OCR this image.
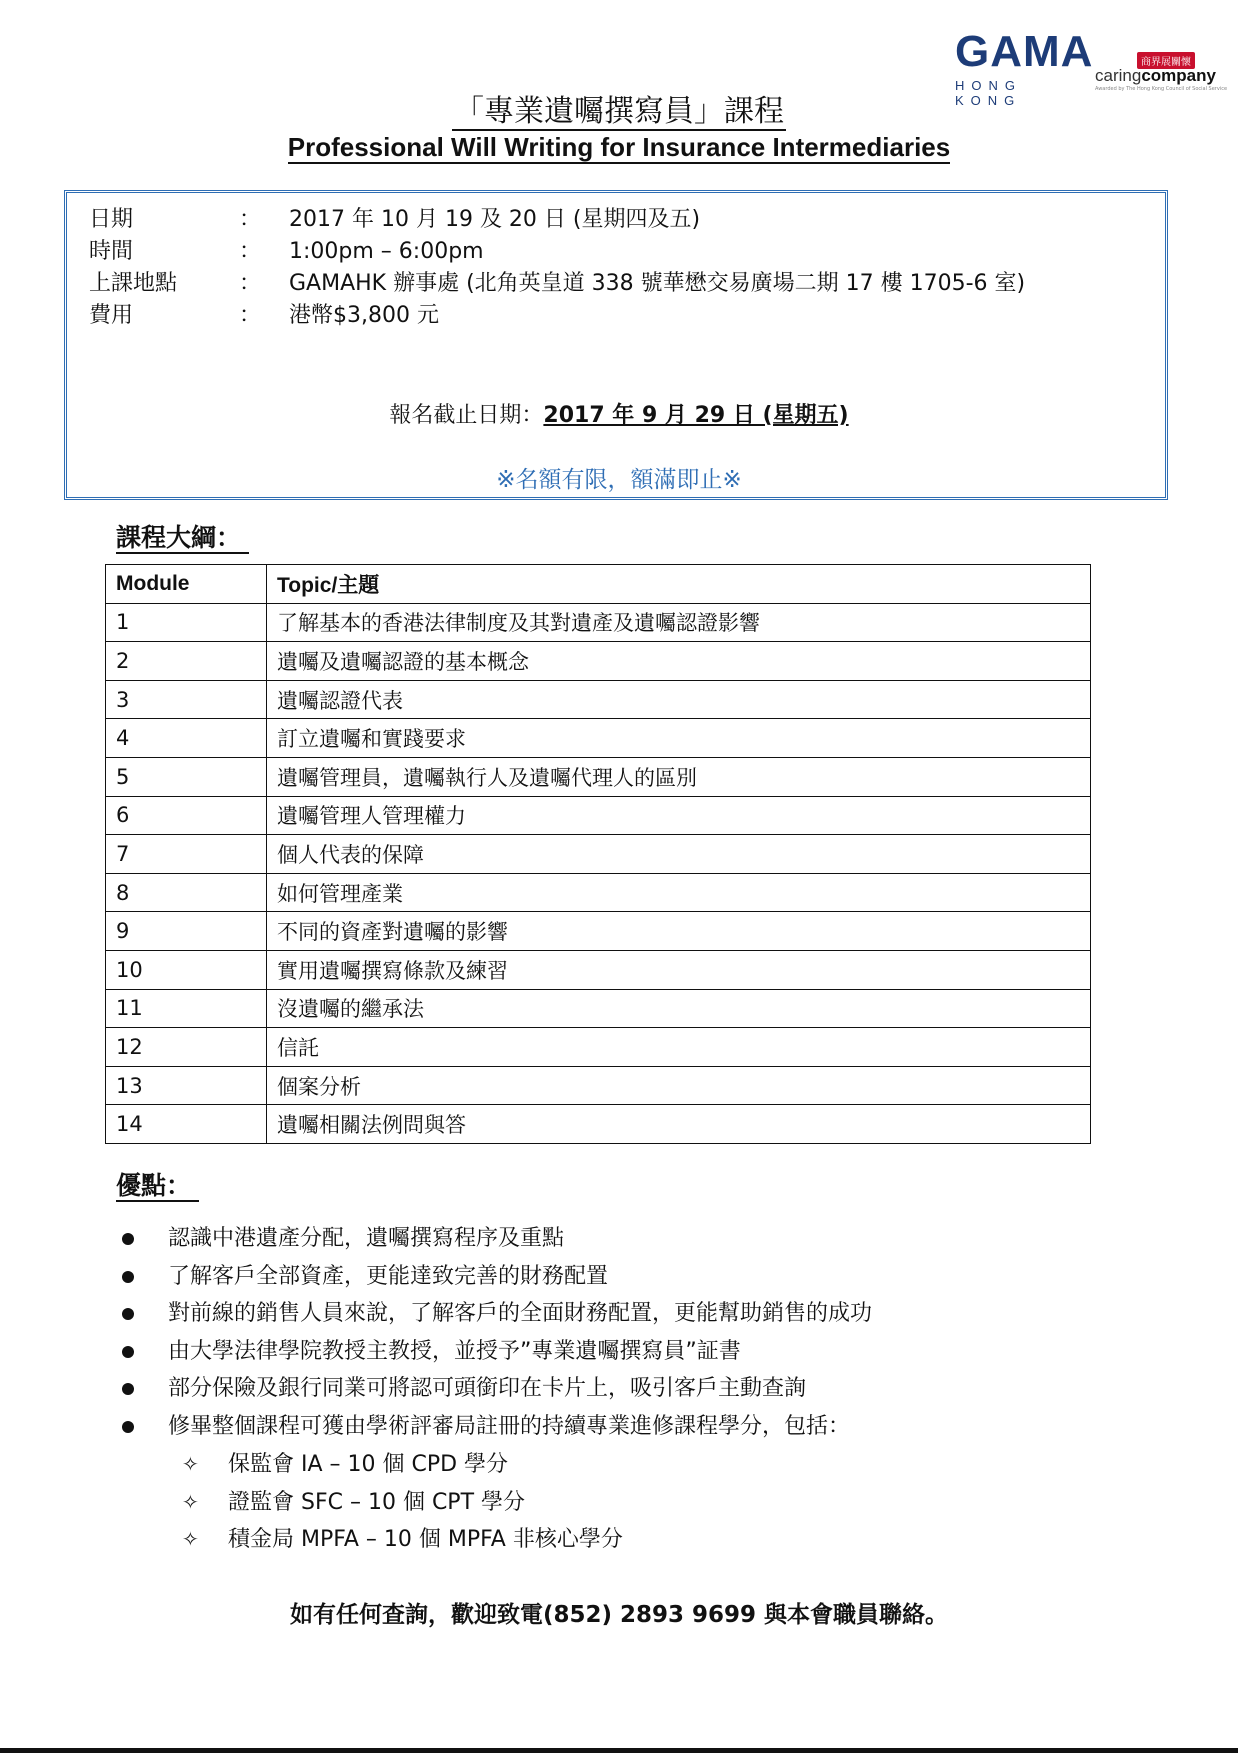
GAMA
HONG KONG
商界展關懷
caringcompany
Awarded by The Hong Kong Council of Social Service
「專業遺囑撰寫員」課程
Professional Will Writing for Insurance Intermediaries
日期	： 2017 年 10 月 19 及 20 日 (星期四及五)
時間	： 1:00pm – 6:00pm
上課地點	： GAMAHK 辦事處 (北角英皇道 338 號華懋交易廣場二期 17 樓 1705-6 室)
費用	： 港幣$3,800 元
報名截止日期：2017 年 9 月 29 日 (星期五)
※名額有限，額滿即止※
課程大綱：
Module	Topic/主題
1	了解基本的香港法律制度及其對遺產及遺囑認證影響
2	遺囑及遺囑認證的基本概念
3	遺囑認證代表
4	訂立遺囑和實踐要求
5	遺囑管理員，遺囑執行人及遺囑代理人的區別
6	遺囑管理人管理權力
7	個人代表的保障
8	如何管理產業
9	不同的資產對遺囑的影響
10	實用遺囑撰寫條款及練習
11	沒遺囑的繼承法
12	信託
13	個案分析
14	遺囑相關法例問與答
優點：
認識中港遺產分配，遺囑撰寫程序及重點
了解客戶全部資產，更能達致完善的財務配置
對前線的銷售人員來說，了解客戶的全面財務配置，更能幫助銷售的成功
由大學法律學院教授主教授，並授予”專業遺囑撰寫員”証書
部分保險及銀行同業可將認可頭銜印在卡片上，吸引客戶主動查詢
修畢整個課程可獲由學術評審局註冊的持續專業進修課程學分，包括：
✧ 保監會 IA – 10 個 CPD 學分
✧ 證監會 SFC – 10 個 CPT 學分
✧ 積金局 MPFA – 10 個 MPFA 非核心學分
如有任何查詢，歡迎致電(852) 2893 9699 與本會職員聯絡。
